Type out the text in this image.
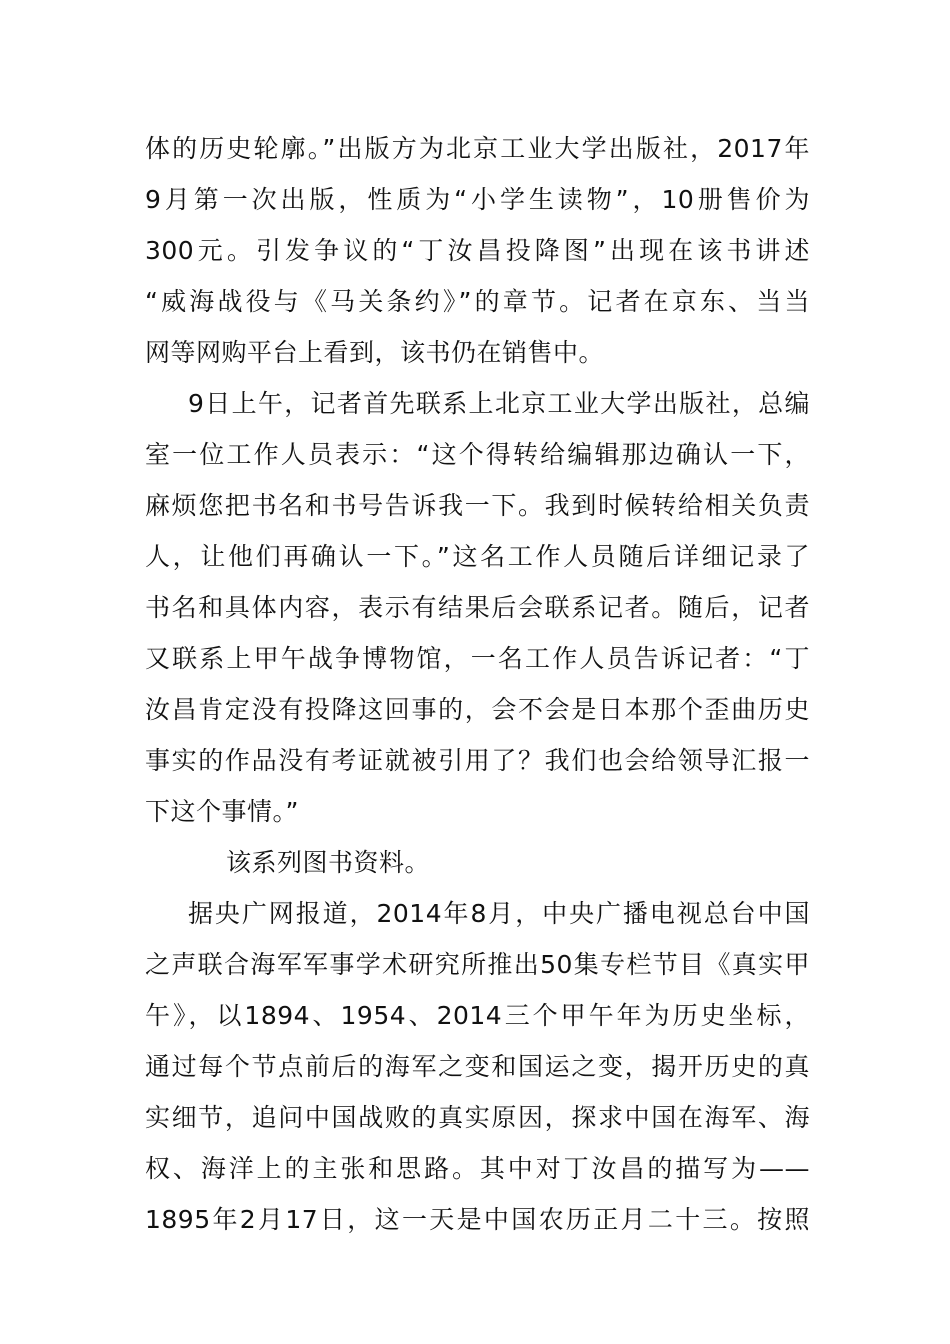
体的历史轮廓。”出版方为北京工业大学出版社，2017年
9月第一次出版，性质为“小学生读物”，10册售价为
300元。引发争议的“丁汝昌投降图”出现在该书讲述
“威海战役与《马关条约》”的章节。记者在京东、当当
网等网购平台上看到，该书仍在销售中。
9日上午，记者首先联系上北京工业大学出版社，总编
室一位工作人员表示：“这个得转给编辑那边确认一下，
麻烦您把书名和书号告诉我一下。我到时候转给相关负责
人，让他们再确认一下。”这名工作人员随后详细记录了
书名和具体内容，表示有结果后会联系记者。随后，记者
又联系上甲午战争博物馆，一名工作人员告诉记者：“丁
汝昌肯定没有投降这回事的，会不会是日本那个歪曲历史
事实的作品没有考证就被引用了？我们也会给领导汇报一
下这个事情。”
该系列图书资料。
据央广网报道，2014年8月，中央广播电视总台中国
之声联合海军军事学术研究所推出50集专栏节目《真实甲
午》，以1894、1954、2014三个甲午年为历史坐标，
通过每个节点前后的海军之变和国运之变，揭开历史的真
实细节，追问中国战败的真实原因，探求中国在海军、海
权、海洋上的主张和思路。其中对丁汝昌的描写为——
1895年2月17日，这一天是中国农历正月二十三。按照
